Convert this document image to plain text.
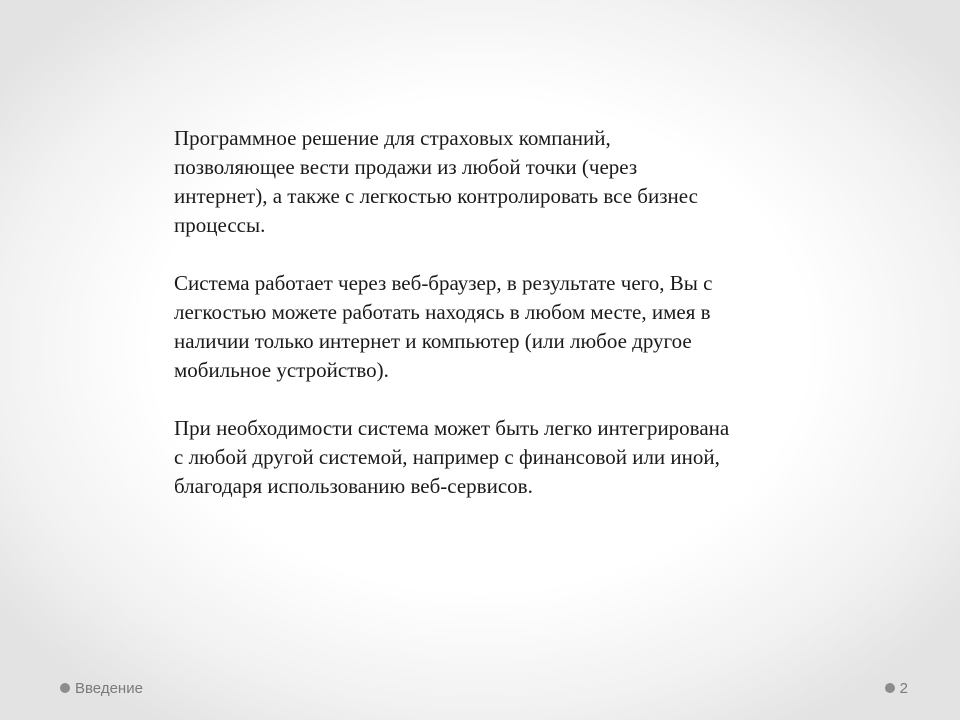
Программное решение для страховых компаний,
позволяющее вести продажи из любой точки (через
интернет), а также с легкостью контролировать все бизнес
процессы.

Система работает через веб-браузер, в результате чего, Вы с
легкостью можете работать находясь в любом месте, имея в
наличии только интернет и компьютер (или любое другое
мобильное устройство).

При необходимости система может быть легко интегрирована
с любой другой системой, например с финансовой или иной,
благодаря использованию веб-сервисов.

Введение	2
